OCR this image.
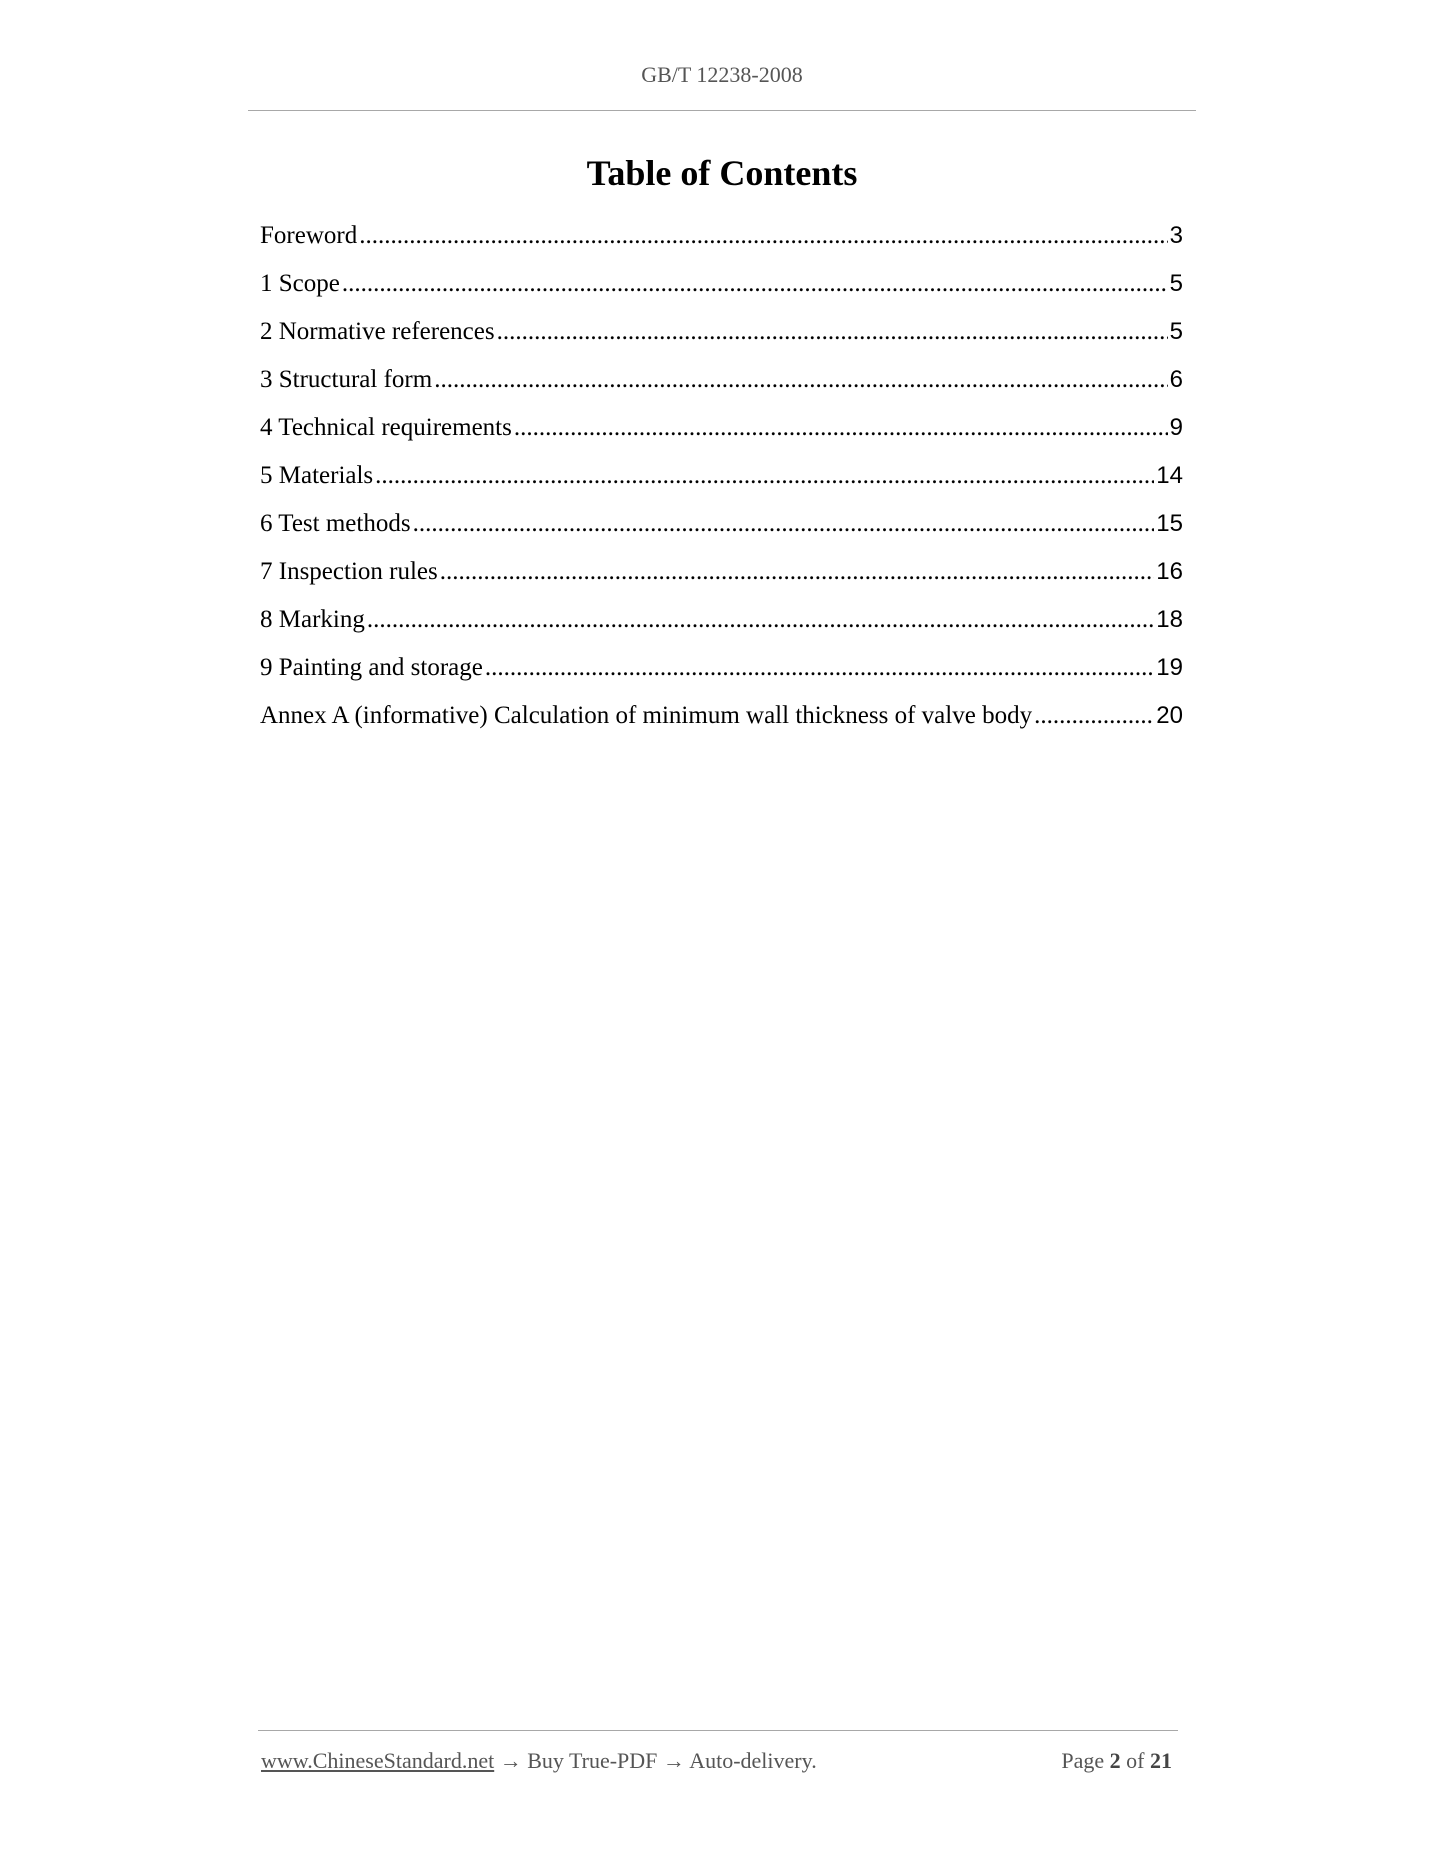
GB/T 12238-2008
Table of Contents
Foreword .....	3
1 Scope .....	5
2 Normative references .....	5
3 Structural form .....	6
4 Technical requirements .....	9
5 Materials .....	14
6 Test methods .....	15
7 Inspection rules .....	16
8 Marking .....	18
9 Painting and storage .....	19
Annex A (informative) Calculation of minimum wall thickness of valve body .....	20
www.ChineseStandard.net → Buy True-PDF → Auto-delivery.	Page 2 of 21
